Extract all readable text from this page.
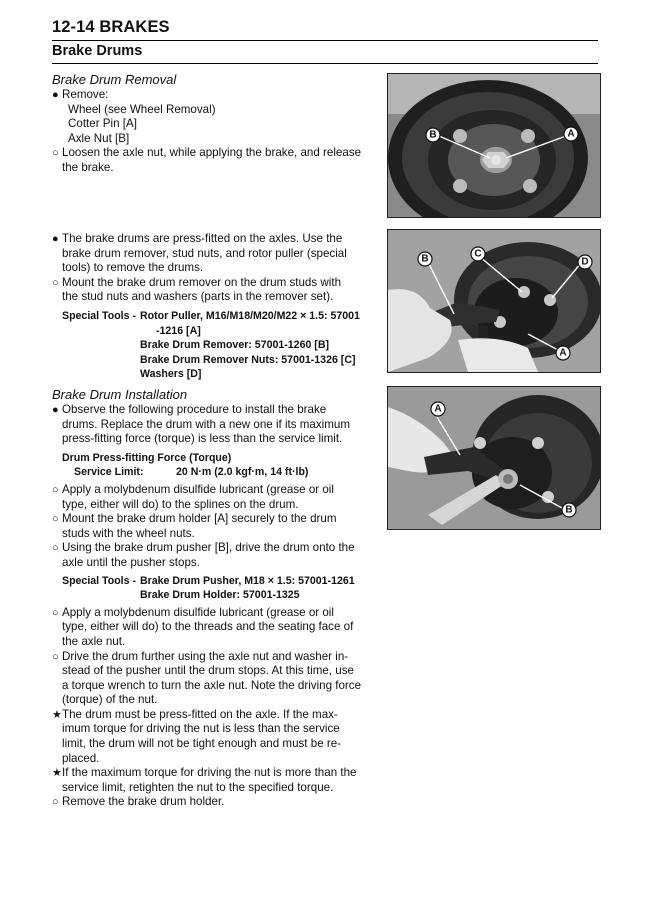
12-14 BRAKES
Brake Drums
Brake Drum Removal
● Remove:
Wheel (see Wheel Removal)
Cotter Pin [A]
Axle Nut [B]
○ Loosen the axle nut, while applying the brake, and release
the brake.
● The brake drums are press-fitted on the axles. Use the
brake drum remover, stud nuts, and rotor puller (special
tools) to remove the drums.
○ Mount the brake drum remover on the drum studs with
the stud nuts and washers (parts in the remover set).
Special Tools - Rotor Puller, M16/M18/M20/M22 × 1.5: 57001
-1216 [A]
Brake Drum Remover: 57001-1260 [B]
Brake Drum Remover Nuts: 57001-1326 [C]
Washers [D]
Brake Drum Installation
● Observe the following procedure to install the brake
drums. Replace the drum with a new one if its maximum
press-fitting force (torque) is less than the service limit.
Drum Press-fitting Force (Torque)
Service Limit:	20 N·m (2.0 kgf·m, 14 ft·lb)
○ Apply a molybdenum disulfide lubricant (grease or oil
type, either will do) to the splines on the drum.
○ Mount the brake drum holder [A] securely to the drum
studs with the wheel nuts.
○ Using the brake drum pusher [B], drive the drum onto the
axle until the pusher stops.
Special Tools - Brake Drum Pusher, M18 × 1.5: 57001-1261
Brake Drum Holder: 57001-1325
○ Apply a molybdenum disulfide lubricant (grease or oil
type, either will do) to the threads and the seating face of
the axle nut.
○ Drive the drum further using the axle nut and washer in-
stead of the pusher until the drum stops. At this time, use
a torque wrench to turn the axle nut. Note the driving force
(torque) of the nut.
★ The drum must be press-fitted on the axle. If the max-
imum torque for driving the nut is less than the service
limit, the drum will not be tight enough and must be re-
placed.
★ If the maximum torque for driving the nut is more than the
service limit, retighten the nut to the specified torque.
○ Remove the brake drum holder.
B	A
B	C
D
A
A
B
